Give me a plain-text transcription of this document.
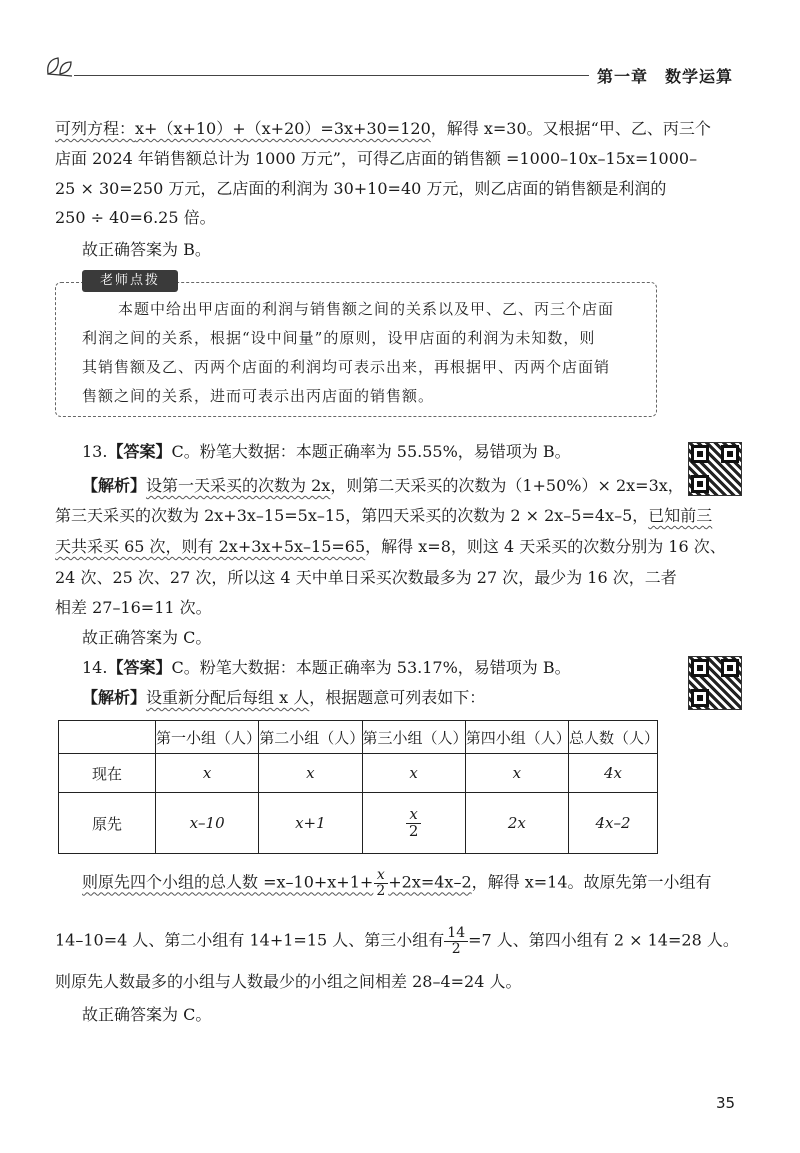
第一章　数学运算
可列方程：x+（x+10）+（x+20）=3x+30=120，解得 x=30。又根据“甲、乙、丙三个
店面 2024 年销售额总计为 1000 万元”，可得乙店面的销售额 =1000–10x–15x=1000–
25 × 30=250 万元，乙店面的利润为 30+10=40 万元，则乙店面的销售额是利润的
250 ÷ 40=6.25 倍。
故正确答案为 B。
老师点拨
本题中给出甲店面的利润与销售额之间的关系以及甲、乙、丙三个店面
利润之间的关系，根据“设中间量”的原则，设甲店面的利润为未知数，则
其销售额及乙、丙两个店面的利润均可表示出来，再根据甲、丙两个店面销
售额之间的关系，进而可表示出丙店面的销售额。
13.【答案】C。粉笔大数据：本题正确率为 55.55%，易错项为 B。
【解析】设第一天采买的次数为 2x，则第二天采买的次数为（1+50%）× 2x=3x，
第三天采买的次数为 2x+3x–15=5x–15，第四天采买的次数为 2 × 2x–5=4x–5，已知前三
天共采买 65 次，则有 2x+3x+5x–15=65，解得 x=8，则这 4 天采买的次数分别为 16 次、
24 次、25 次、27 次，所以这 4 天中单日采买次数最多为 27 次，最少为 16 次，二者
相差 27–16=11 次。
故正确答案为 C。
14.【答案】C。粉笔大数据：本题正确率为 53.17%，易错项为 B。
【解析】设重新分配后每组 x 人，根据题意可列表如下：
	第一小组（人）	第二小组（人）	第三小组（人）	第四小组（人）	总人数（人）
现在	x	x	x	x	4x
原先	x–10	x+1	$\frac{x}{2}$	2x	4x–2
则原先四个小组的总人数 $=x-10+x+1+ \frac{x}{2} +2x=4x-2$，解得 x=14。故原先第一小组有
14–10=4 人、第二小组有 14+1=15 人、第三小组有 $\frac{14}{2} =7$ 人、第四小组有 2 × 14=28 人。
则原先人数最多的小组与人数最少的小组之间相差 28–4=24 人。
故正确答案为 C。
35
